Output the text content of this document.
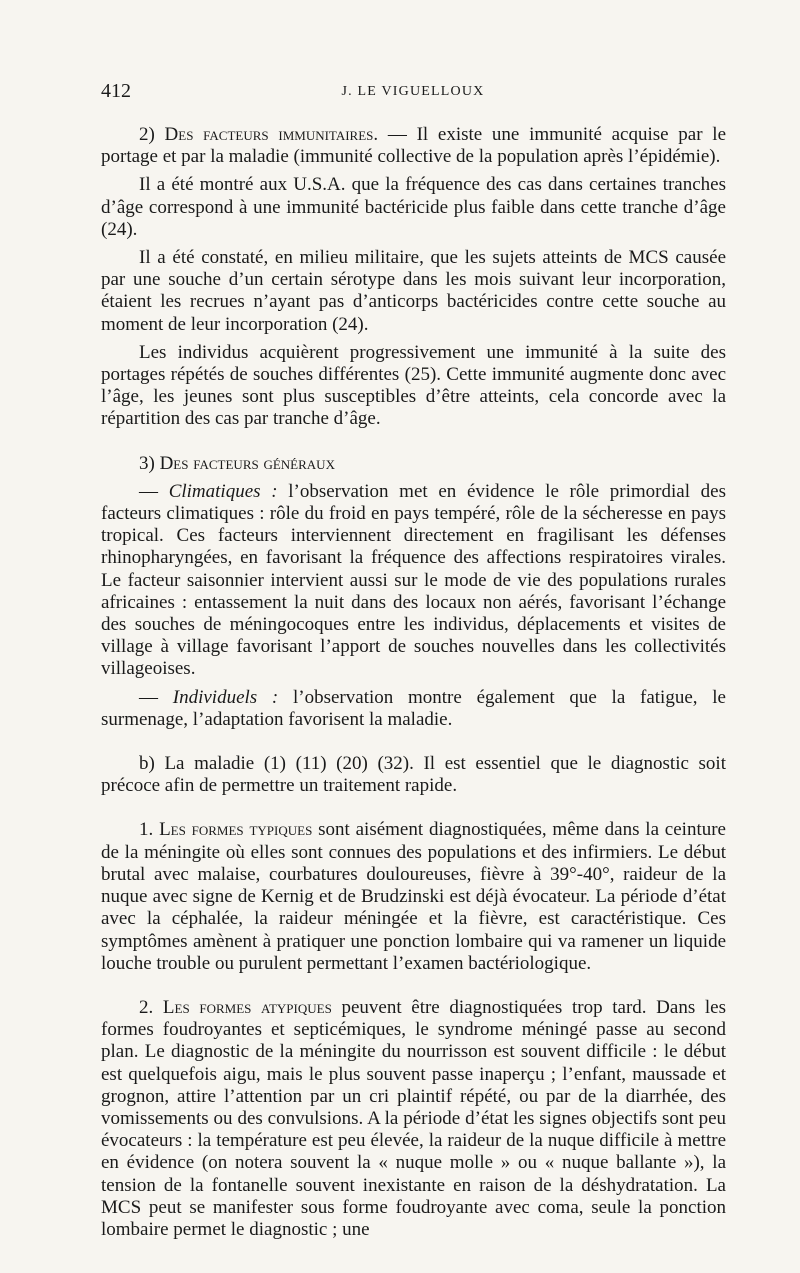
412	J. LE VIGUELLOUX

2) Des facteurs immunitaires. — Il existe une immunité acquise par le portage et par la maladie (immunité collective de la population après l’épidémie).

Il a été montré aux U.S.A. que la fréquence des cas dans certaines tranches d’âge correspond à une immunité bactéricide plus faible dans cette tranche d’âge (24).

Il a été constaté, en milieu militaire, que les sujets atteints de MCS causée par une souche d’un certain sérotype dans les mois suivant leur incorporation, étaient les recrues n’ayant pas d’anticorps bactéricides contre cette souche au moment de leur incorporation (24).

Les individus acquièrent progressivement une immunité à la suite des portages répétés de souches différentes (25). Cette immunité augmente donc avec l’âge, les jeunes sont plus susceptibles d’être atteints, cela concorde avec la répartition des cas par tranche d’âge.

3) Des facteurs généraux

— Climatiques : l’observation met en évidence le rôle primordial des facteurs climatiques : rôle du froid en pays tempéré, rôle de la sécheresse en pays tropical. Ces facteurs interviennent directement en fragilisant les défenses rhinopharyngées, en favorisant la fréquence des affections respiratoires virales. Le facteur saisonnier intervient aussi sur le mode de vie des populations rurales africaines : entassement la nuit dans des locaux non aérés, favorisant l’échange des souches de méningocoques entre les individus, déplacements et visites de village à village favorisant l’apport de souches nouvelles dans les collectivités villageoises.

— Individuels : l’observation montre également que la fatigue, le surmenage, l’adaptation favorisent la maladie.

b) La maladie (1) (11) (20) (32). Il est essentiel que le diagnostic soit précoce afin de permettre un traitement rapide.

1. Les formes typiques sont aisément diagnostiquées, même dans la ceinture de la méningite où elles sont connues des populations et des infirmiers. Le début brutal avec malaise, courbatures douloureuses, fièvre à 39°-40°, raideur de la nuque avec signe de Kernig et de Brudzinski est déjà évocateur. La période d’état avec la céphalée, la raideur méningée et la fièvre, est caractéristique. Ces symptômes amènent à pratiquer une ponction lombaire qui va ramener un liquide louche trouble ou purulent permettant l’examen bactériologique.

2. Les formes atypiques peuvent être diagnostiquées trop tard. Dans les formes foudroyantes et septicémiques, le syndrome méningé passe au second plan. Le diagnostic de la méningite du nourrisson est souvent difficile : le début est quelquefois aigu, mais le plus souvent passe inaperçu ; l’enfant, maussade et grognon, attire l’attention par un cri plaintif répété, ou par de la diarrhée, des vomissements ou des convulsions. A la période d’état les signes objectifs sont peu évocateurs : la température est peu élevée, la raideur de la nuque difficile à mettre en évidence (on notera souvent la « nuque molle » ou « nuque ballante »), la tension de la fontanelle souvent inexistante en raison de la déshydratation. La MCS peut se manifester sous forme foudroyante avec coma, seule la ponction lombaire permet le diagnostic ; une
